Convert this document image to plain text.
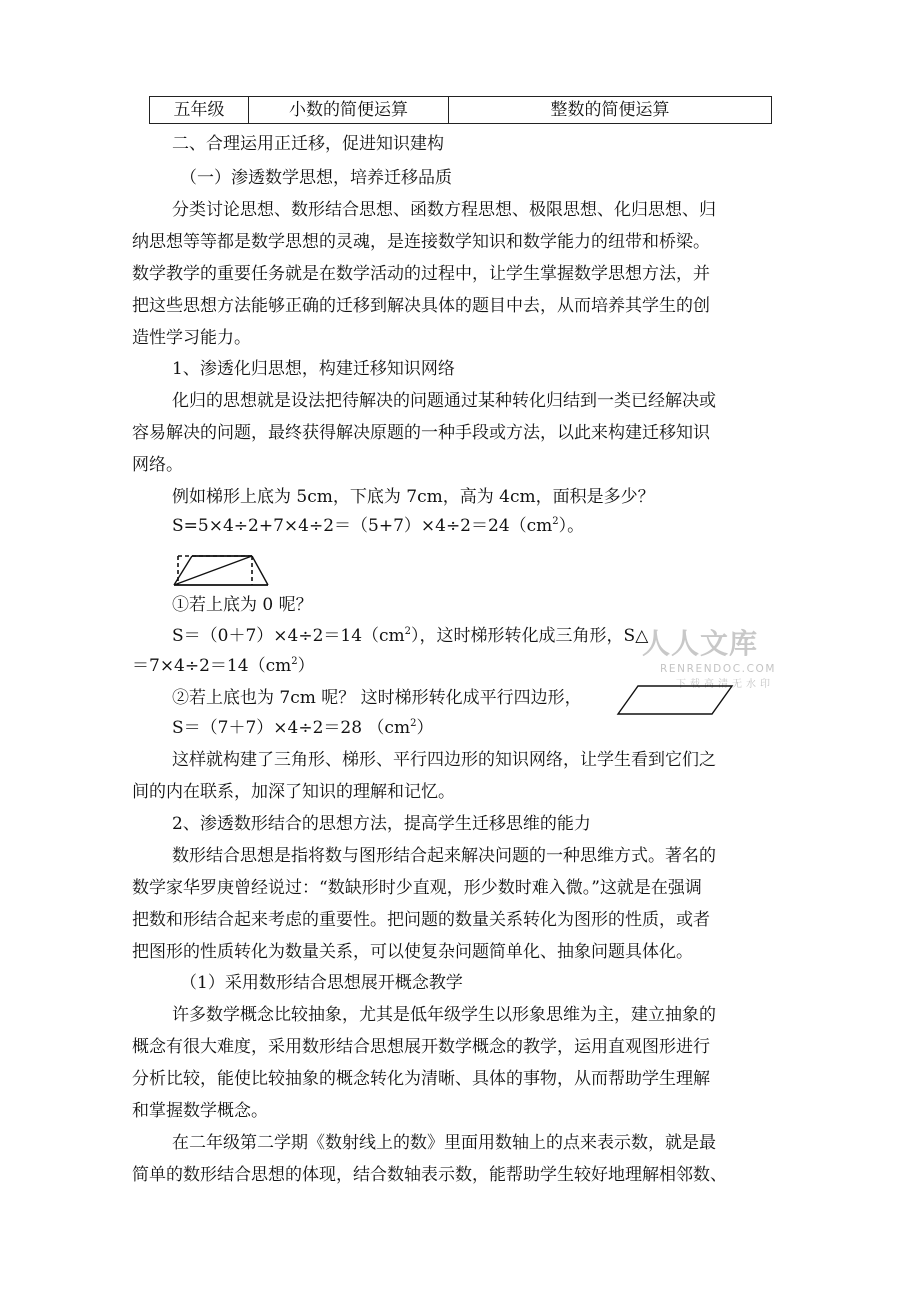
五年级	小数的简便运算	整数的简便运算
二、合理运用正迁移，促进知识建构
（一）渗透数学思想，培养迁移品质
分类讨论思想、数形结合思想、函数方程思想、极限思想、化归思想、归
纳思想等等都是数学思想的灵魂，是连接数学知识和数学能力的纽带和桥梁。
数学教学的重要任务就是在数学活动的过程中，让学生掌握数学思想方法，并
把这些思想方法能够正确的迁移到解决具体的题目中去，从而培养其学生的创
造性学习能力。
1、渗透化归思想，构建迁移知识网络
化归的思想就是设法把待解决的问题通过某种转化归结到一类已经解决或
容易解决的问题，最终获得解决原题的一种手段或方法，以此来构建迁移知识
网络。
例如梯形上底为 5cm，下底为 7cm，高为 4cm，面积是多少？
$S=5\times 4\div 2+7\times 4\div 2=(5+7)\times 4\div 2=24(cm^2)$。
①若上底为 0 呢？
$S=(0+7)\times 4\div 2=14(cm^2)$，这时梯形转化成三角形，S△
$=7\times 4\div 2=14(cm^2)$
人人文库
RENRENDOC.COM
下载高清无水印
②若上底也为 7cm 呢？ 这时梯形转化成平行四边形，
S＝（7＋7）×4÷2＝28 $(cm^2)$
这样就构建了三角形、梯形、平行四边形的知识网络，让学生看到它们之
间的内在联系，加深了知识的理解和记忆。
2、渗透数形结合的思想方法，提高学生迁移思维的能力
数形结合思想是指将数与图形结合起来解决问题的一种思维方式。著名的
数学家华罗庚曾经说过：“数缺形时少直观，形少数时难入微。”这就是在强调
把数和形结合起来考虑的重要性。把问题的数量关系转化为图形的性质，或者
把图形的性质转化为数量关系，可以使复杂问题简单化、抽象问题具体化。
（1）采用数形结合思想展开概念教学
许多数学概念比较抽象，尤其是低年级学生以形象思维为主，建立抽象的
概念有很大难度，采用数形结合思想展开数学概念的教学，运用直观图形进行
分析比较，能使比较抽象的概念转化为清晰、具体的事物，从而帮助学生理解
和掌握数学概念。
在二年级第二学期《数射线上的数》里面用数轴上的点来表示数，就是最
简单的数形结合思想的体现，结合数轴表示数，能帮助学生较好地理解相邻数、
